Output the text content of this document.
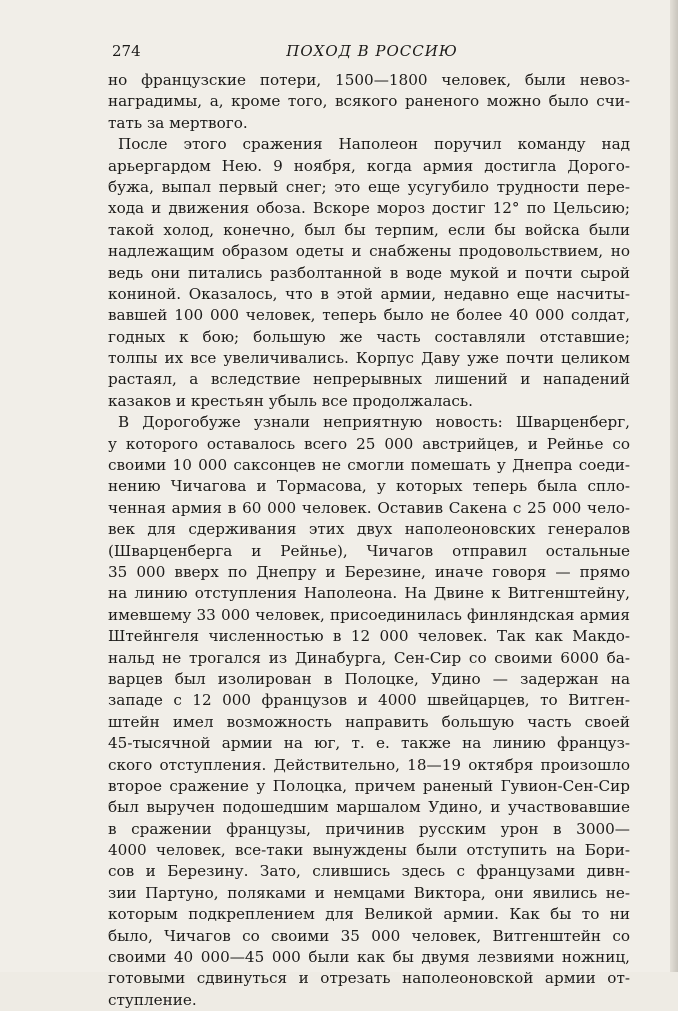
274	ПОХОД В РОССИЮ
но французские потери, 1500—1800 человек, были невоз-
наградимы, а, кроме того, всякого раненого можно было счи-
тать за мертвого.
После этого сражения Наполеон поручил команду над
арьергардом Нею. 9 ноября, когда армия достигла Дорого-
бужа, выпал первый снег; это еще усугубило трудности пере-
хода и движения обоза. Вскоре мороз достиг 12° по Цельсию;
такой холод, конечно, был бы терпим, если бы войска были
надлежащим образом одеты и снабжены продовольствием, но
ведь они питались разболтанной в воде мукой и почти сырой
кониной. Оказалось, что в этой армии, недавно еще насчиты-
вавшей 100 000 человек, теперь было не более 40 000 солдат,
годных к бою; большую же часть составляли отставшие;
толпы их все увеличивались. Корпус Даву уже почти целиком
растаял, а вследствие непрерывных лишений и нападений
казаков и крестьян убыль все продолжалась.
В Дорогобуже узнали неприятную новость: Шварценберг,
у которого оставалось всего 25 000 австрийцев, и Рейнье со
своими 10 000 саксонцев не смогли помешать у Днепра соеди-
нению Чичагова и Тормасова, у которых теперь была спло-
ченная армия в 60 000 человек. Оставив Сакена с 25 000 чело-
век для сдерживания этих двух наполеоновских генералов
(Шварценберга и Рейнье), Чичагов отправил остальные
35 000 вверх по Днепру и Березине, иначе говоря — прямо
на линию отступления Наполеона. На Двине к Витгенштейну,
имевшему 33 000 человек, присоединилась финляндская армия
Штейнгеля численностью в 12 000 человек. Так как Макдо-
нальд не трогался из Динабурга, Сен-Сир со своими 6000 ба-
варцев был изолирован в Полоцке, Удино — задержан на
западе с 12 000 французов и 4000 швейцарцев, то Витген-
штейн имел возможность направить большую часть своей
45-тысячной армии на юг, т. е. также на линию француз-
ского отступления. Действительно, 18—19 октября произошло
второе сражение у Полоцка, причем раненый Гувион-Сен-Сир
был выручен подошедшим маршалом Удино, и участвовавшие
в сражении французы, причинив русским урон в 3000—
4000 человек, все-таки вынуждены были отступить на Бори-
сов и Березину. Зато, слившись здесь с французами дивн-
зии Партуно, поляками и немцами Виктора, они явились не-
которым подкреплением для Великой армии. Как бы то ни
было, Чичагов со своими 35 000 человек, Витгенштейн со
своими 40 000—45 000 были как бы двумя лезвиями ножниц,
готовыми сдвинуться и отрезать наполеоновской армии от-
ступление.
